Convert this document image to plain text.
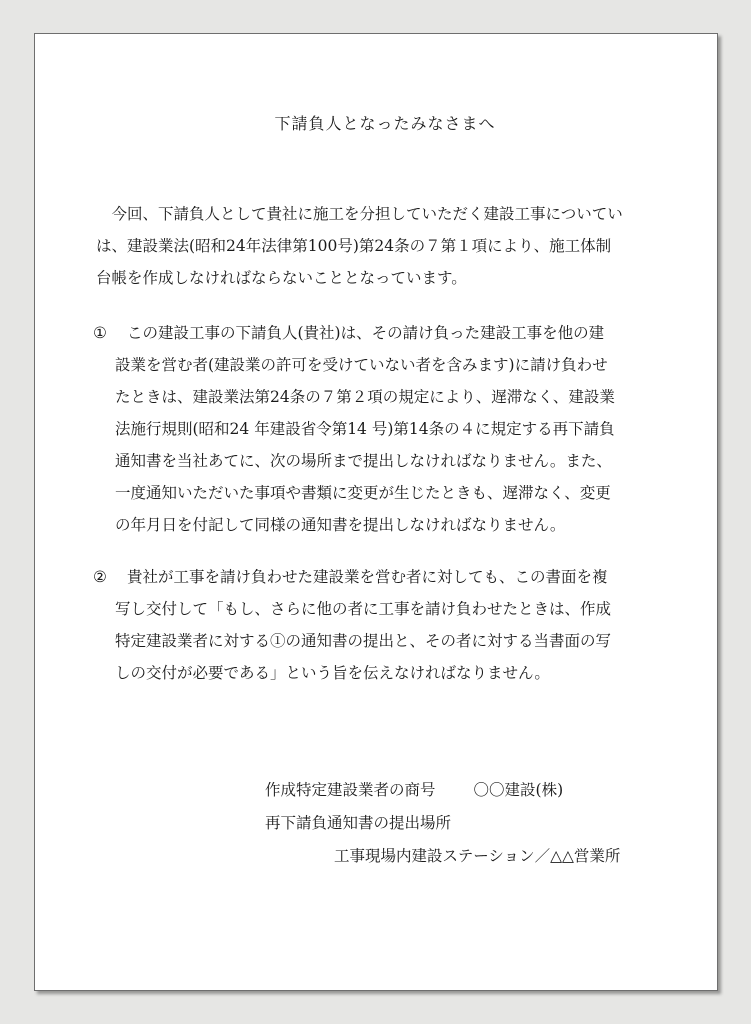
下請負人となったみなさまへ
　今回、下請負人として貴社に施工を分担していただく建設工事についてい
は、建設業法(昭和24年法律第100号)第24条の７第１項により、施工体制
台帳を作成しなければならないこととなっています。
① この建設工事の下請負人(貴社)は、その請け負った建設工事を他の建
設業を営む者(建設業の許可を受けていない者を含みます)に請け負わせ
たときは、建設業法第24条の７第２項の規定により、遅滞なく、建設業
法施行規則(昭和24 年建設省令第14 号)第14条の４に規定する再下請負
通知書を当社あてに、次の場所まで提出しなければなりません。また、
一度通知いただいた事項や書類に変更が生じたときも、遅滞なく、変更
の年月日を付記して同様の通知書を提出しなければなりません。
② 貴社が工事を請け負わせた建設業を営む者に対しても、この書面を複
写し交付して「もし、さらに他の者に工事を請け負わせたときは、作成
特定建設業者に対する①の通知書の提出と、その者に対する当書面の写
しの交付が必要である」という旨を伝えなければなりません。
作成特定建設業者の商号 〇〇建設(株)
再下請負通知書の提出場所
工事現場内建設ステーション／△△営業所
